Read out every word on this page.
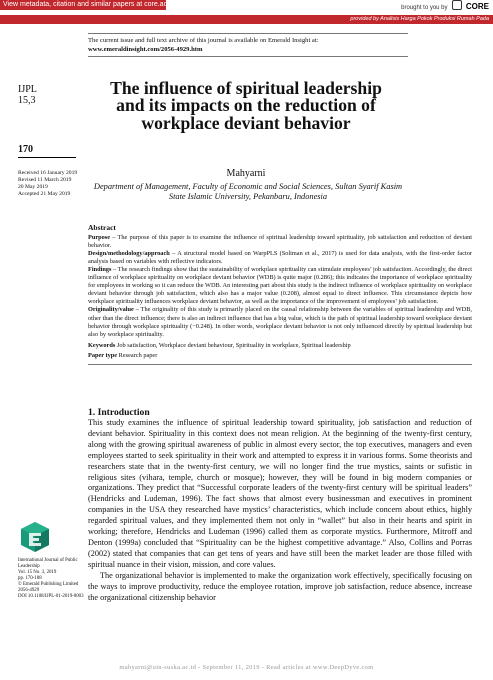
View metadata, citation and similar papers at core.ac.uk	brought to you by CORE
provided by Analisis Harga Pokok Produksi Rumah Pada
The current issue and full text archive of this journal is available on Emerald Insight at:
www.emeraldinsight.com/2056-4929.htm
IJPL
15,3
170
Received 16 January 2019
Revised 11 March 2019
20 May 2019
Accepted 21 May 2019
The influence of spiritual leadership and its impacts on the reduction of workplace deviant behavior
Mahyarni
Department of Management, Faculty of Economic and Social Sciences, Sultan Syarif Kasim State Islamic University, Pekanbaru, Indonesia
Abstract

Purpose – The purpose of this paper is to examine the influence of spiritual leadership toward spirituality, job satisfaction and reduction of deviant behavior.

Design/methodology/approach – A structural model based on WarpPLS (Soliman et al., 2017) is used for data analysis, with the first-order factor analysis based on variables with reflective indicators.

Findings – The research findings show that the sustainability of workplace spirituality can stimulate employees’ job satisfaction. Accordingly, the direct influence of workplace spirituality on workplace deviant behavior (WDB) is quite major (0.286); this indicates the importance of workplace spirituality for employees in working so it can reduce the WDB. An interesting part about this study is the indirect influence of workplace spirituality on workplace deviant behavior through job satisfaction, which also has a major value (0.208), almost equal to direct influence. This circumstance depicts how workplace spirituality influences workplace deviant behavior, as well as the importance of the improvement of employees’ job satisfaction.

Originality/value – The originality of this study is primarily placed on the causal relationship between the variables of spiritual leadership and WDB, other than the direct influence; there is also an indirect influence that has a big value, which is the path of spiritual leadership toward workplace deviant behavior through workplace spirituality (−0.248). In other words, workplace deviant behavior is not only influenced directly by spiritual leadership but also by workplace spirituality.

Keywords Job satisfaction, Workplace deviant behaviour, Spirituality in workplace, Spiritual leadership

Paper type Research paper

1. Introduction

This study examines the influence of spiritual leadership toward spirituality, job satisfaction and reduction of deviant behavior. Spirituality in this context does not mean religion. At the beginning of the twenty-first century, along with the growing spiritual awareness of public in almost every sector, the top executives, managers and even employees started to seek spirituality in their work and attempted to express it in various forms. Some theorists and researchers state that in the twenty-first century, we will no longer find the true mystics, saints or sufistic in religious sites (vihara, temple, church or mosque); however, they will be found in big modern companies or organizations. They predict that “Successful corporate leaders of the twenty-first century will be spiritual leaders” (Hendricks and Ludeman, 1996). The fact shows that almost every businessman and executives in prominent companies in the USA they researched have mystics’ characteristics, which include concern about ethics, highly regarded spiritual values, and they implemented them not only in “wallet” but also in their hearts and spirit in working; therefore, Hendricks and Ludeman (1996) called them as corporate mystics. Furthermore, Mitroff and Denton (1999a) concluded that “Spirituality can be the highest competitive advantage.” Also, Collins and Porras (2002) stated that companies that can get tens of years and have still been the market leader are those filled with spiritual nuance in their vision, mission, and core values.

The organizational behavior is implemented to make the organization work effectively, specifically focusing on the ways to improve productivity, reduce the employee rotation, improve job satisfaction, reduce absence, increase the organizational citizenship behavior

International Journal of Public
Leadership
Vol. 15 No. 3, 2019
pp. 170-188
© Emerald Publishing Limited
2056-4929
DOI 10.1108/IJPL-01-2019-0003
mahyarni@uin-suska.ac.id - September 11, 2019 - Read articles at www.DeepDyve.com
